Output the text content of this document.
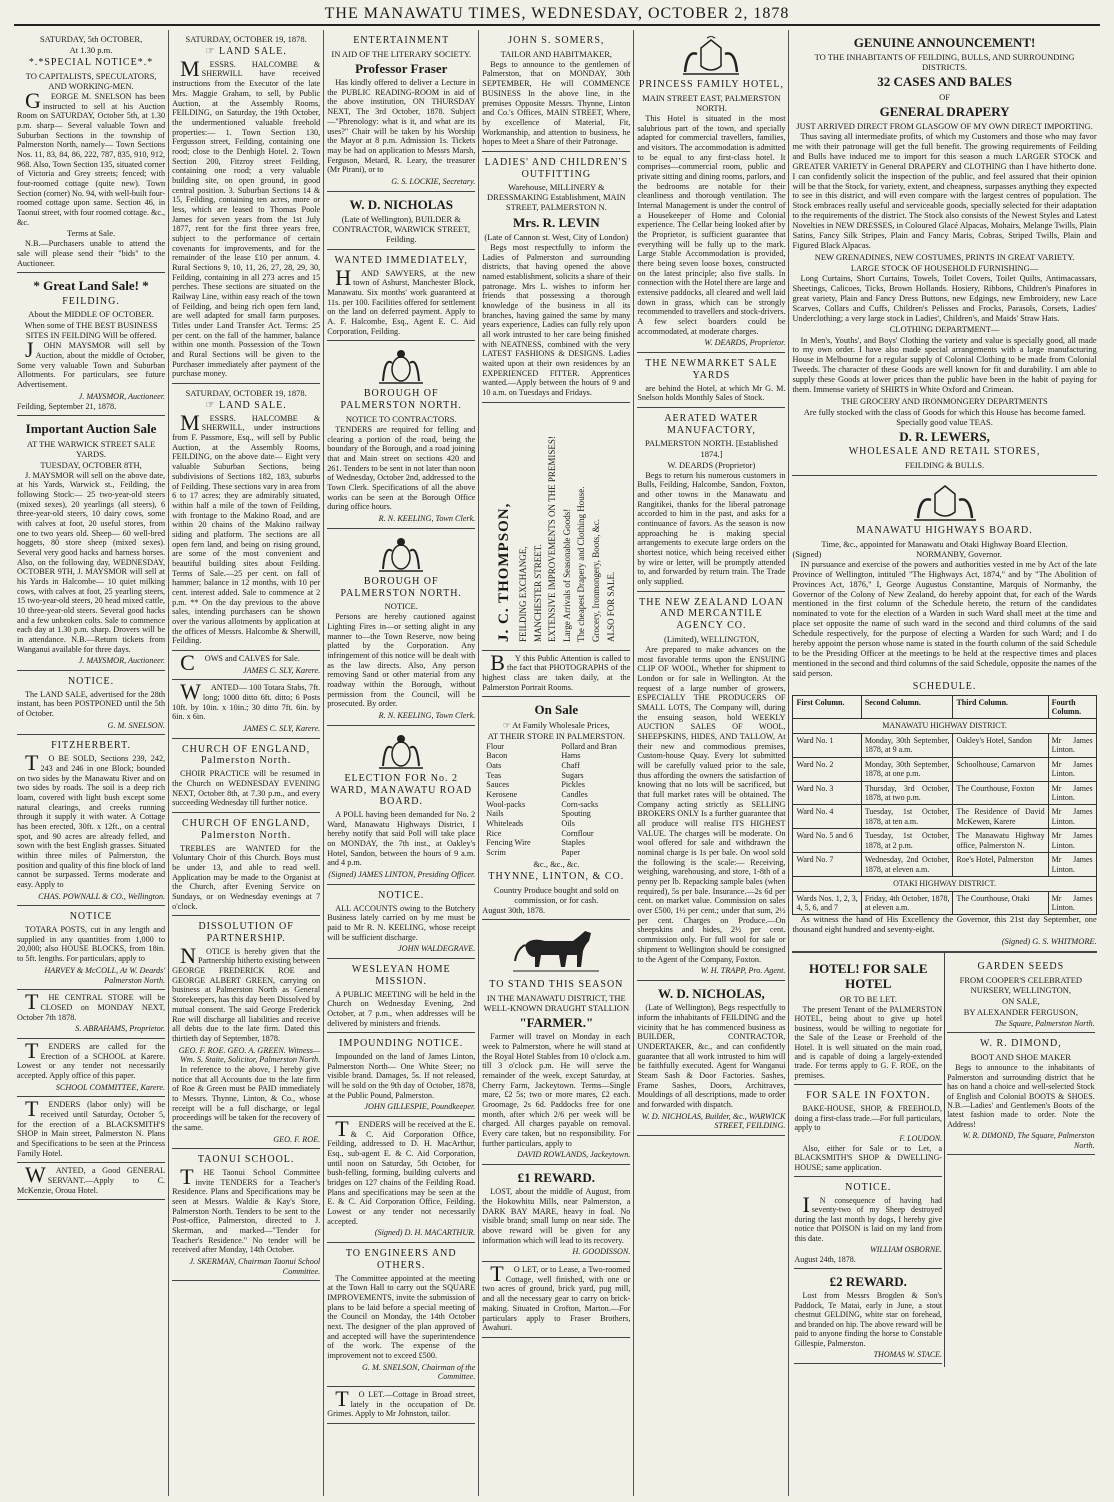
THE MANAWATU TIMES, WEDNESDAY, OCTOBER 2, 1878
SATURDAY, 5th OCTOBER,
At 1.30 p.m.
*.*SPECIAL NOTICE*.*
TO CAPITALISTS, SPECULATORS, AND WORKING-MEN.
GEORGE M. SNELSON has been instructed to sell at his Auction Room on SATURDAY, October 5th, at 1.30 p.m. sharp— Several valuable Town and Suburban Sections in the township of Palmerston North, namely— Town Sections Nos. 11, 83, 84, 86, 222, 787, 835, 910, 912, 968. Also, Town Section 135, situated corner of Victoria and Grey streets; fenced; with four-roomed cottage (quite new). Town Section (corner) No. 94, with well-built four-roomed cottage upon same. Section 46, in Taonui street, with four roomed cottage. &c., &c.
Terms at Sale.
N.B.—Purchasers unable to attend the sale will please send their "bids" to the Auctioneer.
* Great Land Sale! *
FEILDING.
About the MIDDLE OF OCTOBER.
When some of THE BEST BUSINESS SITES IN FEILDING Will be offered.
JOHN MAYSMOR will sell by Auction, about the middle of October, Some very valuable Town and Suburban Allotments. For particulars, see future Advertisement.
J. MAYSMOR, Auctioneer.
Feilding, September 21, 1878.
Important Auction Sale
AT THE WARWICK STREET SALE YARDS.
TUESDAY, OCTOBER 8TH,
J. MAYSMOR will sell on the above date, at his Yards, Warwick st., Feilding, the following Stock:— 25 two-year-old steers (mixed sexes), 20 yearlings (all steers), 6 three-year-old steers, 10 dairy cows, some with calves at foot, 20 useful stores, from one to two years old. Sheep— 60 well-bred hoggets, 80 store sheep (mixed sexes). Several very good hacks and harness horses. Also, on the following day, WEDNESDAY, OCTOBER 9TH, J. MAYSMOR will sell at his Yards in Halcombe— 10 quiet milking cows, with calves at foot, 25 yearling steers, 15 two-year-old steers, 20 head mixed cattle, 10 three-year-old steers. Several good hacks and a few unbroken colts. Sale to commence each day at 1.30 p.m. sharp. Drovers will be in attendance. N.B.—Return tickets from Wanganui available for three days.
J. MAYSMOR, Auctioneer.
NOTICE.
The LAND SALE, advertised for the 28th instant, has been POSTPONED until the 5th of October.
G. M. SNELSON.
FITZHERBERT.
TO BE SOLD, Sections 239, 242, 243 and 246 in one Block; bounded on two sides by the Manawatu River and on two sides by roads. The soil is a deep rich loam, covered with light bush except some natural clearings, and creeks running through it supply it with water. A Cottage has been erected, 30ft. x 12ft., on a central spot, and 90 acres are already felled, and sown with the best English grasses. Situated within three miles of Palmerston, the position and quality of this fine block of land cannot be surpassed. Terms moderate and easy. Apply to
CHAS. POWNALL & CO., Wellington.
NOTICE
TOTARA POSTS, cut in any length and supplied in any quantities from 1,000 to 20,000; also HOUSE BLOCKS, from 18in. to 5ft. lengths. For particulars, apply to
HARVEY & McCOLL, At W. Deards' Palmerston North.
THE CENTRAL STORE will be CLOSED on MONDAY NEXT, October 7th 1878.
S. ABRAHAMS, Proprietor.
TENDERS are called for the Erection of a SCHOOL at Karere. Lowest or any tender not necessarily accepted. Apply office of this paper.
SCHOOL COMMITTEE, Karere.
TENDERS (labor only) will be received until Saturday, October 5, for the erection of a BLACKSMITH'S SHOP in Main street, Palmerston N. Plans and Specifications to be seen at the Princess Family Hotel.
WANTED, a Good GENERAL SERVANT.—Apply to C. McKenzie, Oroua Hotel.
SATURDAY, OCTOBER 19, 1878.
☞ LAND SALE.
MESSRS. HALCOMBE & SHERWILL have received instructions from the Executor of the late Mrs. Maggie Graham, to sell, by Public Auction, at the Assembly Rooms, FEILDING, on Saturday, the 19th October, the undermentioned valuable freehold properties:— 1. Town Section 130, Fergusson street, Feilding, containing one rood; close to the Denbigh Hotel. 2. Town Section 200, Fitzroy street Feilding, containing one rood; a very valuable building site, on open ground, in good central position. 3. Suburban Sections 14 & 15, Feilding, containing ten acres, more or less, which are leased to Thomas Poole James for seven years from the 1st July 1877, rent for the first three years free, subject to the performance of certain covenants for improvements, and for the remainder of the lease £10 per annum. 4. Rural Sections 9, 10, 11, 26, 27, 28, 29, 30, Feilding, containing in all 273 acres and 15 perches. These sections are situated on the Railway Line, within easy reach of the town of Feilding, and being rich open fern land, are well adapted for small farm purposes. Titles under Land Transfer Act. Terms: 25 per cent. on the fall of the hammer, balance within one month. Possession of the Town and Rural Sections will be given to the Purchaser immediately after payment of the purchase money.
SATURDAY, OCTOBER 19, 1878.
☞ LAND SALE.
MESSRS. HALCOMBE & SHERWILL, under instructions from F. Passmore, Esq., will sell by Public Auction, at the Assembly Rooms, FEILDING, on the above date— Eight very valuable Suburban Sections, being subdivisions of Sections 182, 183, suburbs of Feilding. These sections vary in area from 6 to 17 acres; they are admirably situated, within half a mile of the town of Feilding, with frontage to the Makino Road, and are within 20 chains of the Makino railway siding and platform. The sections are all open fern land, and being on rising ground, are some of the most convenient and beautiful building sites about Feilding. Terms of Sale.—25 per cent. on fall of hammer; balance in 12 months, with 10 per cent. interest added. Sale to commence at 2 p.m. ** On the day previous to the above sales, intending purchasers can be shown over the various allotments by application at the offices of Messrs. Halcombe & Sherwill, Feilding.
COWS and CALVES for Sale.
JAMES C. SLY, Karere.
WANTED— 100 Totara Stabs, 7ft. long; 1000 ditto 6ft. ditto; 6 Posts 10ft. by 10in. x 10in.; 30 ditto 7ft. 6in. by 6in. x 6in.
JAMES C. SLY, Karere.
CHURCH OF ENGLAND, Palmerston North.
CHOIR PRACTICE will be resumed in the Church on WEDNESDAY EVENING NEXT, October 8th, at 7.30 p.m., and every succeeding Wednesday till further notice.
CHURCH OF ENGLAND, Palmerston North.
TREBLES are WANTED for the Voluntary Choir of this Church. Boys must be under 13, and able to read well. Application may be made to the Organist at the Church, after Evening Service on Sundays, or on Wednesday evenings at 7 o'clock.
DISSOLUTION OF PARTNERSHIP.
NOTICE is hereby given that the Partnership hitherto existing between GEORGE FREDERICK ROE and GEORGE ALBERT GREEN, carrying on business at Palmerston North as General Storekeepers, has this day been Dissolved by mutual consent. The said George Frederick Roe will discharge all liabilities and receive all debts due to the late firm. Dated this thirtieth day of September, 1878.
GEO. F. ROE. GEO. A. GREEN. Witness—Wm. S. Staite, Solicitor, Palmerston North.
In reference to the above, I hereby give notice that all Accounts due to the late firm of Roe & Green must be PAID immediately to Messrs. Thynne, Linton, & Co., whose receipt will be a full discharge, or legal proceedings will be taken for the recovery of the same.
GEO. F. ROE.
TAONUI SCHOOL.
THE Taonui School Committee invite TENDERS for a Teacher's Residence. Plans and Specifications may be seen at Messrs. Waldie & Kay's Store, Palmerston North. Tenders to be sent to the Post-office, Palmerston, directed to J. Skerman, and marked—"Tender for Teacher's Residence." No tender will be received after Monday, 14th October.
J. SKERMAN, Chairman Taonui School Committee.
ENTERTAINMENT
IN AID OF THE LITERARY SOCIETY.
Professor Fraser
Has kindly offered to deliver a Lecture in the PUBLIC READING-ROOM in aid of the above institution, ON THURSDAY NEXT, The 3rd October, 1878. Subject—"Phrenology: what is it, and what are its uses?" Chair will be taken by his Worship the Mayor at 8 p.m. Admission 1s. Tickets may be had on application to Messrs Marsh, Ferguson, Metard, R. Leary, the treasurer (Mr Pirani), or to
G. S. LOCKIE, Secretary.
W. D. NICHOLAS
(Late of Wellington), BUILDER & CONTRACTOR, WARWICK STREET, Feilding.
WANTED IMMEDIATELY,
HAND SAWYERS, at the new town of Ashurst, Manchester Block, Manawatu. Six months' work guaranteed at 11s. per 100. Facilities offered for settlement on the land on deferred payment. Apply to A. F. Halcombe, Esq., Agent E. C. Aid Corporation, Feilding.
BOROUGH OF PALMERSTON NORTH.
NOTICE TO CONTRACTORS.
TENDERS are required for felling and clearing a portion of the road, being the boundary of the Borough, and a road joining that and Main street on sections 420 and 261. Tenders to be sent in not later than noon of Wednesday, October 2nd, addressed to the Town Clerk. Specifications of all the above works can be seen at the Borough Office during office hours.
R. N. KEELING, Town Clerk.
BOROUGH OF PALMERSTON NORTH.
NOTICE.
Persons are hereby cautioned against Lighting Fires in—or setting alight in any manner to—the Town Reserve, now being platted by the Corporation. Any infringement of this notice will be dealt with as the law directs. Also, Any person removing Sand or other material from any roadway within the Borough, without permission from the Council, will be prosecuted. By order.
R. N. KEELING, Town Clerk.
ELECTION FOR No. 2 WARD, MANAWATU ROAD BOARD.
A POLL having been demanded for No. 2 Ward, Manawatu Highways District, I hereby notify that said Poll will take place on MONDAY, the 7th inst., at Oakley's Hotel, Sandon, between the hours of 9 a.m. and 4 p.m.
(Signed) JAMES LINTON, Presiding Officer.
NOTICE.
ALL ACCOUNTS owing to the Butchery Business lately carried on by me must be paid to Mr R. N. KEELING, whose receipt will be sufficient discharge.
JOHN WALDEGRAVE.
WESLEYAN HOME MISSION.
A PUBLIC MEETING will be held in the Church on Wednesday Evening, 2nd October, at 7 p.m., when addresses will be delivered by ministers and friends.
IMPOUNDING NOTICE.
Impounded on the land of James Linton, Palmerston North— One White Steer; no visible brand. Damages, 5s. If not released, will be sold on the 9th day of October, 1878, at the Public Pound, Palmerston.
JOHN GILLESPIE, Poundkeeper.
TENDERS will be received at the E. & C. Aid Corporation Office, Feilding, addressed to D. H. MacArthur, Esq., sub-agent E. & C. Aid Corporation, until noon on Saturday, 5th October, for bush-felling, forming, building culverts and bridges on 127 chains of the Feilding Road. Plans and specifications may be seen at the E. & C. Aid Corporation Office, Feilding. Lowest or any tender not necessarily accepted.
(Signed) D. H. MACARTHUR.
TO ENGINEERS AND OTHERS.
The Committee appointed at the meeting at the Town Hall to carry out the SQUARE IMPROVEMENTS, invite the submission of plans to be laid before a special meeting of the Council on Monday, the 14th October next. The designer of the plan approved of and accepted will have the superintendence of the work. The expense of the improvement not to exceed £500.
G. M. SNELSON, Chairman of the Committee.
TO LET.—Cottage in Broad street, lately in the occupation of Dr. Grimes. Apply to Mr Johnston, tailor.
JOHN S. SOMERS,
TAILOR AND HABITMAKER,
Begs to announce to the gentlemen of Palmerston, that on MONDAY, 30th SEPTEMBER, He will COMMENCE BUSINESS In the above line, in the premises Opposite Messrs. Thynne, Linton and Co.'s Offices, MAIN STREET, Where, by excellence of Material, Fit, Workmanship, and attention to business, he hopes to Meet a Share of their Patronage.
LADIES' AND CHILDREN'S OUTFITTING
Warehouse, MILLINERY & DRESSMAKING Establishment, MAIN STREET, PALMERSTON N.
Mrs. R. LEVIN
(Late of Cannon st. West, City of London)
Begs most respectfully to inform the Ladies of Palmerston and surrounding districts, that having opened the above named establishment, solicits a share of their patronage. Mrs L. wishes to inform her friends that possessing a thorough knowledge of the business in all its branches, having gained the same by many years experience, Ladies can fully rely upon all work intrusted to her care being finished with NEATNESS, combined with the very LATEST FASHIONS & DESIGNS. Ladies waited upon at their own residences by an EXPERIENCED FITTER. Apprentices wanted.—Apply between the hours of 9 and 10 a.m. on Tuesdays and Fridays.
J. C. THOMPSON, FEILDING EXCHANGE, MANCHESTER STREET. EXTENSIVE IMPROVEMENTS ON THE PREMISES! Large Arrivals of Seasonable Goods! The cheapest Drapery and Clothing House. Grocery, Ironmongery, Boots, &c. ALSO FOR SALE.
BY this Public Attention is called to the fact that PHOTOGRAPHS of the highest class are taken daily, at the Palmerston Portrait Rooms.
On Sale
☞ At Family Wholesale Prices,
AT THEIR STORE IN PALMERSTON.
Flour	Pollard and Bran
Bacon	Hams
Oats	Chaff
Teas	Sugars
Sauces	Pickles
Kerosene	Candles
Wool-packs	Corn-sacks
Nails	Spouting
Whiteleads	Oils
Rice	Cornflour
Fencing Wire	Staples
Scrim	Paper
&c., &c., &c.
THYNNE, LINTON, & CO.
Country Produce bought and sold on commission, or for cash.
August 30th, 1878.
TO STAND THIS SEASON
IN THE MANAWATU DISTRICT, THE WELL-KNOWN DRAUGHT STALLION
"FARMER."
Farmer will travel on Monday in each week to Palmerston, where he will stand at the Royal Hotel Stables from 10 o'clock a.m. till 3 o'clock p.m. He will serve the remainder of the week, except Saturday, at Cherry Farm, Jackeytown. Terms—Single mare, £2 5s; two or more mares, £2 each. Groomage, 2s 6d. Paddocks free for one month, after which 2/6 per week will be charged. All charges payable on removal. Every care taken, but no responsibility. For further particulars, apply to
DAVID ROWLANDS, Jackeytown.
£1 REWARD.
LOST, about the middle of August, from the Hokowhitu Mills, near Palmerston, a DARK BAY MARE, heavy in foal. No visible brand; small lump on near side. The above reward will be given for any information which will lead to its recovery.
H. GOODISSON.
TO LET, or to Lease, a Two-roomed Cottage, well finished, with one or two acres of ground, brick yard, pug mill, and all the necessary gear to carry on brick-making. Situated in Crofton, Marton.—For particulars apply to Fraser Brothers, Awahuri.
PRINCESS FAMILY HOTEL,
MAIN STREET EAST, PALMERSTON NORTH.
This Hotel is situated in the most salubrious part of the town, and specially adapted for commercial travellers, families, and visitors. The accommodation is admitted to be equal to any first-class hotel. It comprises—commercial room, public and private sitting and dining rooms, parlors, and the bedrooms are notable for their cleanliness and thorough ventilation. The Internal Management is under the control of a Housekeeper of Home and Colonial experience. The Cellar being looked after by the Proprietor, is sufficient guarantee that everything will be fully up to the mark. Large Stable Accommodation is provided, there being seven loose boxes, constructed on the latest principle; also five stalls. In connection with the Hotel there are large and extensive paddocks, all cleared and well laid down in grass, which can be strongly recommended to travellers and stock-drivers. A few select boarders could be accommodated, at moderate charges.
W. DEARDS, Proprietor.
THE NEWMARKET SALE YARDS
are behind the Hotel, at which Mr G. M. Snelson holds Monthly Sales of Stock.
AERATED WATER MANUFACTORY,
PALMERSTON NORTH. [Established 1874.]
W. DEARDS (Proprietor)
Begs to return his numerous customers in Bulls, Feilding, Halcombe, Sandon, Foxton, and other towns in the Manawatu and Rangitikei, thanks for the liberal patronage accorded to him in the past, and asks for a continuance of favors. As the season is now approaching he is making special arrangements to execute large orders on the shortest notice, which being received either by wire or letter, will be promptly attended to, and forwarded by return train. The Trade only supplied.
THE NEW ZEALAND LOAN AND MERCANTILE AGENCY CO.
(Limited), WELLINGTON,
Are prepared to make advances on the most favorable terms upon the ENSUING CLIP OF WOOL, Whether for shipment to London or for sale in Wellington. At the request of a large number of growers, ESPECIALLY THE PRODUCERS OF SMALL LOTS, The Company will, during the ensuing season, hold WEEKLY AUCTION SALES OF WOOL, SHEEPSKINS, HIDES, AND TALLOW, At their new and commodious premises, Custom-house Quay. Every lot submitted will be carefully valued prior to the sale, thus affording the owners the satisfaction of knowing that no lots will be sacrificed, but that full market rates will be obtained. The Company acting strictly as SELLING BROKERS ONLY Is a further guarantee that all produce will realise ITS HIGHEST VALUE. The charges will be moderate. On wool offered for sale and withdrawn the nominal charge is 1s per bale. On wool sold the following is the scale:— Receiving, weighing, warehousing, and store, 1-8th of a penny per lb. Repacking sample bales (when required), 5s per bale. Insurance.—2s 6d per cent. on market value. Commission on sales over £500, 1½ per cent.; under that sum, 2½ per cent. Charges on Produce.—On sheepskins and hides, 2½ per cent. commission only. For full wool for sale or shipment to Wellington should be consigned to the Agent of the Company, Foxton.
W. H. TRAPP, Pro. Agent.
W. D. NICHOLAS,
(Late of Wellington), Begs respectfully to inform the inhabitants of FEILDING and the vicinity that he has commenced business as BUILDER, CONTRACTOR, UNDERTAKER, &c., and can confidently guarantee that all work intrusted to him will be faithfully executed. Agent for Wanganui Steam Sash & Door Factories. Sashes, Frame Sashes, Doors, Architraves, Mouldings of all descriptions, made to order and forwarded with dispatch.
W. D. NICHOLAS, Builder, &c., WARWICK STREET, FEILDING.
GENUINE ANNOUNCEMENT!
TO THE INHABITANTS OF FEILDING, BULLS, AND SURROUNDING DISTRICTS.
32 CASES AND BALES
OF
GENERAL DRAPERY
JUST ARRIVED DIRECT FROM GLASGOW OF MY OWN DIRECT IMPORTING.
Thus saving all intermediate profits, of which my Customers and those who may favor me with their patronage will get the full benefit. The growing requirements of Feilding and Bulls have induced me to import for this season a much LARGER STOCK and GREATER VARIETY in General DRAPERY and CLOTHING than I have hitherto done. I can confidently solicit the inspection of the public, and feel assured that their opinion will be that the Stock, for variety, extent, and cheapness, surpasses anything they expected to see in this district, and will even compare with the largest centres of population. The Stock embraces really useful and serviceable goods, specially selected for their adaptation to the requirements of the district. The Stock also consists of the Newest Styles and Latest Novelties in NEW DRESSES, in Coloured Glacé Alpacas, Mohairs, Melange Twills, Plain Satins, Fancy Silk Stripes, Plain and Fancy Maris, Cobras, Striped Twills, Plain and Figured Black Alpacas.
NEW GRENADINES, NEW COSTUMES, PRINTS IN GREAT VARIETY.
LARGE STOCK OF HOUSEHOLD FURNISHING—
Long Curtains, Short Curtains, Towels, Toilet Covers, Toilet Quilts, Antimacassars, Sheetings, Calicoes, Ticks, Brown Hollands. Hosiery, Ribbons, Children's Pinafores in great variety, Plain and Fancy Dress Buttons, new Edgings, new Embroidery, new Lace Scarves, Collars and Cuffs, Children's Pelisses and Frocks, Parasols, Corsets, Ladies' Underclothing; a very large stock in Ladies', Children's, and Maids' Straw Hats.
CLOTHING DEPARTMENT—
In Men's, Youths', and Boys' Clothing the variety and value is specially good, all made to my own order. I have also made special arrangements with a large manufacturing House in Melbourne for a regular supply of Colonial Clothing to be made from Colonial Tweeds. The character of these Goods are well known for fit and durability. I am able to supply these Goods at lower prices than the public have been in the habit of paying for them. Immense variety of SHIRTS in White Oxford and Crimean.
THE GROCERY AND IRONMONGERY DEPARTMENTS
Are fully stocked with the class of Goods for which this House has become famed. Specially good value TEAS.
D. R. LEWERS,
WHOLESALE AND RETAIL STORES,
FEILDING & BULLS.
MANAWATU HIGHWAYS BOARD.
Time, &c., appointed for Manawatu and Otaki Highway Board Election.
(Signed)	NORMANBY, Governor.
IN pursuance and exercise of the powers and authorities vested in me by Act of the late Province of Wellington, intituled "The Highways Act, 1874," and by "The Abolition of Provinces Act, 1876," I, George Augustus Constantine, Marquis of Normanby, the Governor of the Colony of New Zealand, do hereby appoint that, for each of the Wards mentioned in the first column of the Schedule hereto, the return of the candidates nominated to vote for the election of a Warden in such Ward shall meet at the time and place set opposite the name of such ward in the second and third columns of the said Schedule respectively, for the purpose of electing a Warden for such Ward; and I do hereby appoint the person whose name is stated in the fourth column of the said Schedule to be the Presiding Officer at the meetings to be held at the respective times and places mentioned in the second and third columns of the said Schedule, opposite the names of the said person.
SCHEDULE.
First Column.	Second Column.	Third Column.	Fourth Column.
MANAWATU HIGHWAY DISTRICT.			
Ward No. 1	Monday, 30th September, 1878, at 9 a.m.	Oakley's Hotel, Sandon	Mr James Linton.
Ward No. 2	Monday, 30th September, 1878, at one p.m.	Schoolhouse, Carnarvon	Mr James Linton.
Ward No. 3	Thursday, 3rd October, 1878, at two p.m.	The Courthouse, Foxton	Mr James Linton.
Ward No. 4	Tuesday, 1st October, 1878, at ten a.m.	The Residence of David McKewen, Karere	Mr James Linton.
Ward No. 5 and 6	Tuesday, 1st October, 1878, at 2 p.m.	The Manawatu Highway office, Palmerston N.	Mr James Linton.
Ward No. 7	Wednesday, 2nd October, 1878, at eleven a.m.	Roe's Hotel, Palmerston	Mr James Linton.
OTAKI HIGHWAY DISTRICT.			
Wards Nos. 1, 2, 3, 4, 5, 6, and 7	Friday, 4th October, 1878, at eleven a.m.	The Courthouse, Otaki	Mr James Linton.
As witness the hand of His Excellency the Governor, this 21st day September, one thousand eight hundred and seventy-eight.
(Signed) G. S. WHITMORE.
HOTEL! FOR SALE HOTEL
OR TO BE LET.
The present Tenant of the PALMERSTON HOTEL, being about to give up hotel business, would be willing to negotiate for the Sale of the Lease or Freehold of the Hotel. It is well situated on the main road, and is capable of doing a largely-extended trade. For terms apply to G. F. ROE, on the premises.
FOR SALE IN FOXTON.
BAKE-HOUSE, SHOP, & FREEHOLD, doing a first-class trade.—For full particulars, apply to
F. LOUDON.
Also, either for Sale or to Let, a BLACKSMITH'S SHOP & DWELLING-HOUSE; same application.
NOTICE.
IN consequence of having had seventy-two of my Sheep destroyed during the last month by dogs, I hereby give notice that POISON is laid on my land from this date.
WILLIAM OSBORNE.
August 24th, 1878.
£2 REWARD.
Lost from Messrs Brogden & Son's Paddock, Te Matai, early in June, a stout chestnut GELDING, white star on forehead, and branded on hip. The above reward will be paid to anyone finding the horse to Constable Gillespie, Palmerston.
THOMAS W. STACE.
GARDEN SEEDS
FROM COOPER'S CELEBRATED NURSERY, WELLINGTON,
ON SALE,
BY ALEXANDER FERGUSON,
The Square, Palmerston North.
W. R. DIMOND,
BOOT AND SHOE MAKER
Begs to announce to the inhabitants of Palmerston and surrounding district that he has on hand a choice and well-selected Stock of English and Colonial BOOTS & SHOES. N.B.—Ladies' and Gentlemen's Boots of the latest fashion made to order. Note the Address!
W. R. DIMOND, The Square, Palmerston North.
